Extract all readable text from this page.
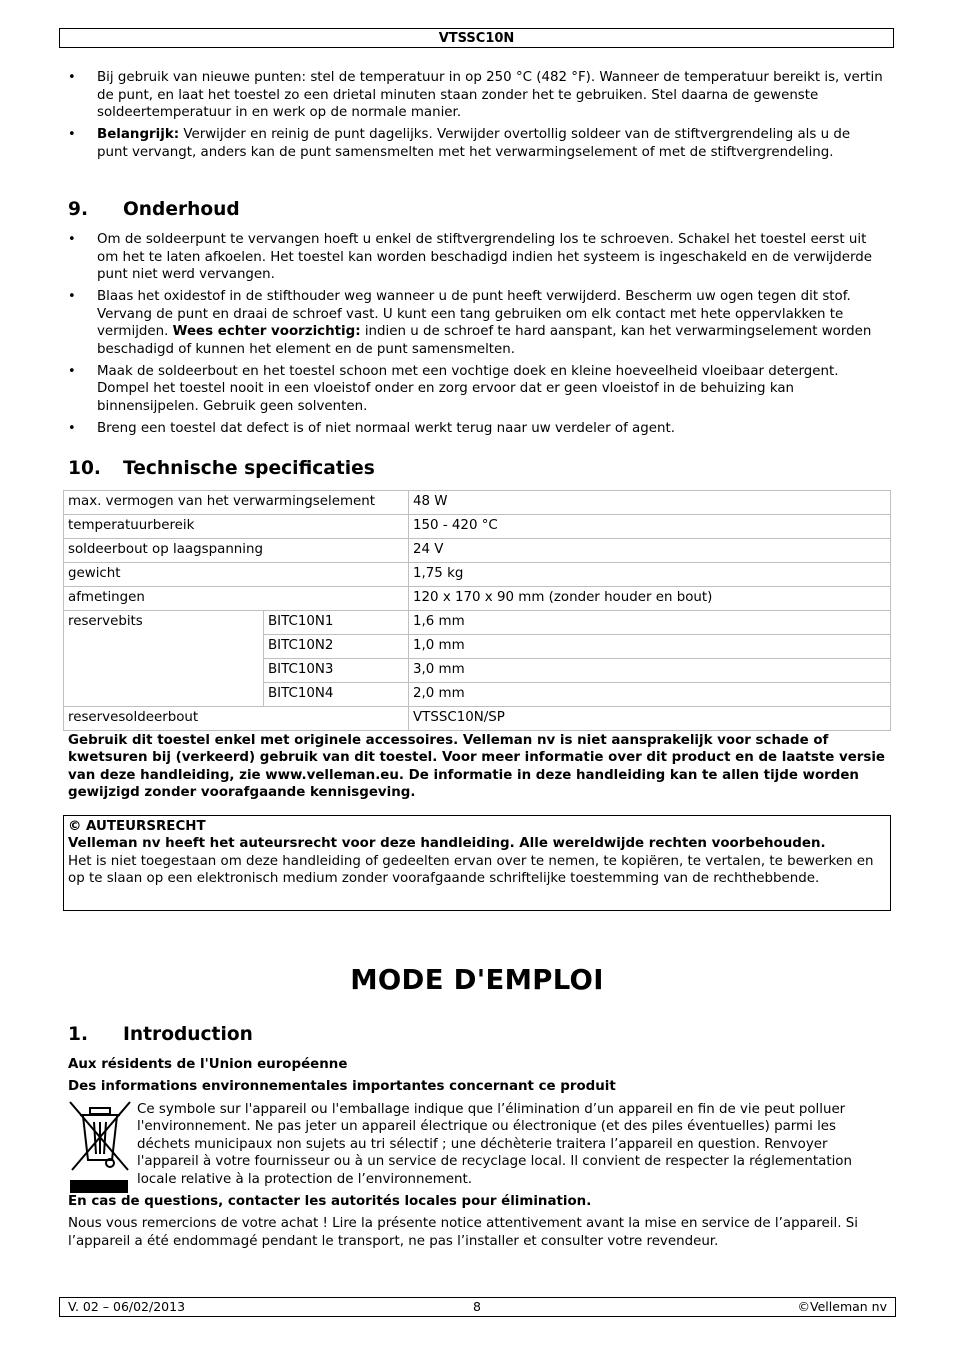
VTSSC10N
• Bij gebruik van nieuwe punten: stel de temperatuur in op 250 °C (482 °F). Wanneer de temperatuur bereikt is, vertin de punt, en laat het toestel zo een drietal minuten staan zonder het te gebruiken. Stel daarna de gewenste soldeertemperatuur in en werk op de normale manier.
• Belangrijk: Verwijder en reinig de punt dagelijks. Verwijder overtollig soldeer van de stiftvergrendeling als u de punt vervangt, anders kan de punt samensmelten met het verwarmingselement of met de stiftvergrendeling.
9. Onderhoud
• Om de soldeerpunt te vervangen hoeft u enkel de stiftvergrendeling los te schroeven. Schakel het toestel eerst uit om het te laten afkoelen. Het toestel kan worden beschadigd indien het systeem is ingeschakeld en de verwijderde punt niet werd vervangen.
• Blaas het oxidestof in de stifthouder weg wanneer u de punt heeft verwijderd. Bescherm uw ogen tegen dit stof. Vervang de punt en draai de schroef vast. U kunt een tang gebruiken om elk contact met hete oppervlakken te vermijden. Wees echter voorzichtig: indien u de schroef te hard aanspant, kan het verwarmingselement worden beschadigd of kunnen het element en de punt samensmelten.
• Maak de soldeerbout en het toestel schoon met een vochtige doek en kleine hoeveelheid vloeibaar detergent. Dompel het toestel nooit in een vloeistof onder en zorg ervoor dat er geen vloeistof in de behuizing kan binnensijpelen. Gebruik geen solventen.
• Breng een toestel dat defect is of niet normaal werkt terug naar uw verdeler of agent.
10. Technische specificaties
max. vermogen van het verwarmingselement		48 W
temperatuurbereik		150 - 420 °C
soldeerbout op laagspanning		24 V
gewicht		1,75 kg
afmetingen		120 x 170 x 90 mm (zonder houder en bout)
reservebits	BITC10N1	1,6 mm
	BITC10N2	1,0 mm
	BITC10N3	3,0 mm
	BITC10N4	2,0 mm
reservesoldeerbout		VTSSC10N/SP
Gebruik dit toestel enkel met originele accessoires. Velleman nv is niet aansprakelijk voor schade of kwetsuren bij (verkeerd) gebruik van dit toestel. Voor meer informatie over dit product en de laatste versie van deze handleiding, zie www.velleman.eu. De informatie in deze handleiding kan te allen tijde worden gewijzigd zonder voorafgaande kennisgeving.
© AUTEURSRECHT
Velleman nv heeft het auteursrecht voor deze handleiding. Alle wereldwijde rechten voorbehouden.
Het is niet toegestaan om deze handleiding of gedeelten ervan over te nemen, te kopiëren, te vertalen, te bewerken en op te slaan op een elektronisch medium zonder voorafgaande schriftelijke toestemming van de rechthebbende.
MODE D'EMPLOI
1. Introduction
Aux résidents de l'Union européenne
Des informations environnementales importantes concernant ce produit
Ce symbole sur l'appareil ou l'emballage indique que l’élimination d’un appareil en fin de vie peut polluer l'environnement. Ne pas jeter un appareil électrique ou électronique (et des piles éventuelles) parmi les déchets municipaux non sujets au tri sélectif ; une déchèterie traitera l’appareil en question. Renvoyer l'appareil à votre fournisseur ou à un service de recyclage local. Il convient de respecter la réglementation locale relative à la protection de l’environnement.
En cas de questions, contacter les autorités locales pour élimination.
Nous vous remercions de votre achat ! Lire la présente notice attentivement avant la mise en service de l’appareil. Si l’appareil a été endommagé pendant le transport, ne pas l’installer et consulter votre revendeur.
V. 02 – 06/02/2013	8	©Velleman nv
